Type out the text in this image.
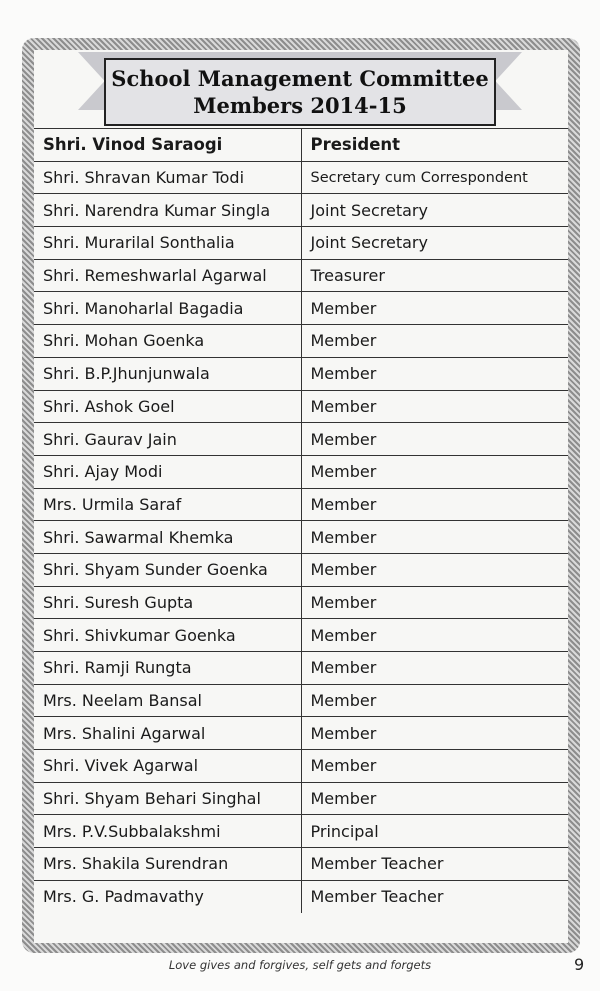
School Management Committee
Members 2014-15
Shri. Vinod Saraogi	President
Shri. Shravan Kumar Todi	Secretary cum Correspondent
Shri. Narendra Kumar Singla	Joint Secretary
Shri. Murarilal Sonthalia	Joint Secretary
Shri. Remeshwarlal Agarwal	Treasurer
Shri. Manoharlal Bagadia	Member
Shri. Mohan Goenka	Member
Shri. B.P.Jhunjunwala	Member
Shri. Ashok Goel	Member
Shri. Gaurav Jain	Member
Shri. Ajay Modi	Member
Mrs. Urmila Saraf	Member
Shri. Sawarmal Khemka	Member
Shri. Shyam Sunder Goenka	Member
Shri. Suresh Gupta	Member
Shri. Shivkumar Goenka	Member
Shri. Ramji Rungta	Member
Mrs. Neelam Bansal	Member
Mrs. Shalini Agarwal	Member
Shri. Vivek Agarwal	Member
Shri. Shyam Behari Singhal	Member
Mrs. P.V.Subbalakshmi	Principal
Mrs. Shakila Surendran	Member Teacher
Mrs. G. Padmavathy	Member Teacher
Love gives and forgives, self gets and forgets	9
